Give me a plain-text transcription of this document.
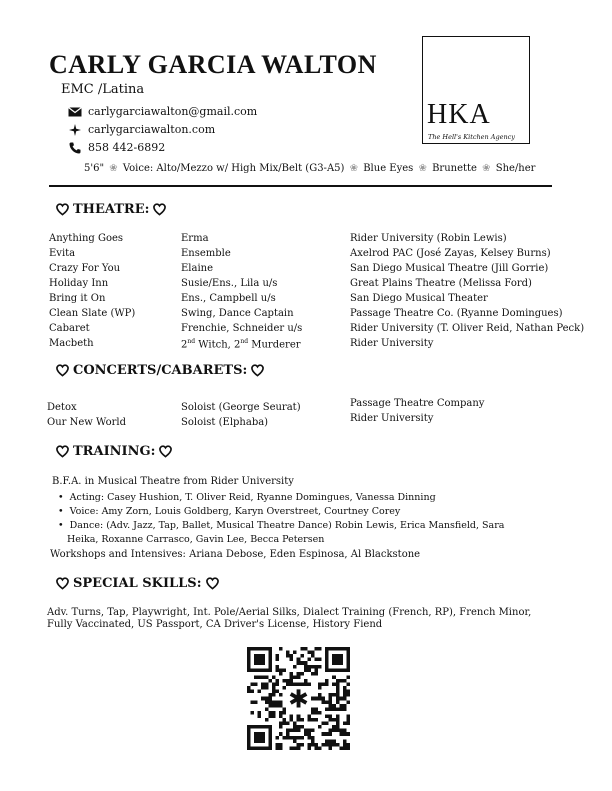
CARLY GARCIA WALTON
EMC /Latina
carlygarciawalton@gmail.com
carlygarciawalton.com
858 442-6892
5'6" ❀ Voice: Alto/Mezzo w/ High Mix/Belt (G3-A5) ❀ Blue Eyes ❀ Brunette ❀ She/her
HKA
The Hell's Kitchen Agency
THEATRE:
Anything Goes	Erma	Rider University (Robin Lewis)
Evita	Ensemble	Axelrod PAC (José Zayas, Kelsey Burns)
Crazy For You	Elaine	San Diego Musical Theatre (Jill Gorrie)
Holiday Inn	Susie/Ens., Lila u/s	Great Plains Theatre (Melissa Ford)
Bring it On	Ens., Campbell u/s	San Diego Musical Theater
Clean Slate (WP)	Swing, Dance Captain	Passage Theatre Co. (Ryanne Domingues)
Cabaret	Frenchie, Schneider u/s	Rider University (T. Oliver Reid, Nathan Peck)
Macbeth	2nd Witch, 2nd Murderer	Rider University
CONCERTS/CABARETS:
Detox	Soloist (George Seurat)	Passage Theatre Company
Our New World	Soloist (Elphaba)	Rider University
TRAINING:
B.F.A. in Musical Theatre from Rider University
•  Acting: Casey Hushion, T. Oliver Reid, Ryanne Domingues, Vanessa Dinning
•  Voice: Amy Zorn, Louis Goldberg, Karyn Overstreet, Courtney Corey
•  Dance: (Adv. Jazz, Tap, Ballet, Musical Theatre Dance) Robin Lewis, Erica Mansfield, Sara
Heika, Roxanne Carrasco, Gavin Lee, Becca Petersen
Workshops and Intensives: Ariana Debose, Eden Espinosa, Al Blackstone
SPECIAL SKILLS:
Adv. Turns, Tap, Playwright, Int. Pole/Aerial Silks, Dialect Training (French, RP), French Minor, Fully Vaccinated, US Passport, CA Driver's License, History Fiend
✱
